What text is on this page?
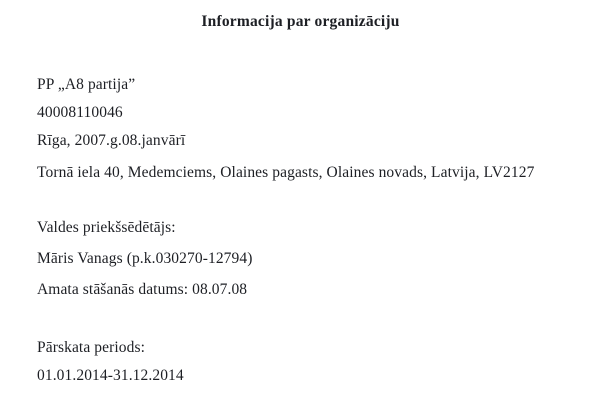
Informacija par organizāciju

PP „A8 partija”

40008110046

Rīga, 2007.g.08.janvārī

Tornā iela 40, Medemciems, Olaines pagasts, Olaines novads, Latvija, LV2127

Valdes priekšsēdētājs:

Māris Vanags (p.k.030270-12794)

Amata stāšanās datums: 08.07.08

Pārskata periods:

01.01.2014-31.12.2014
